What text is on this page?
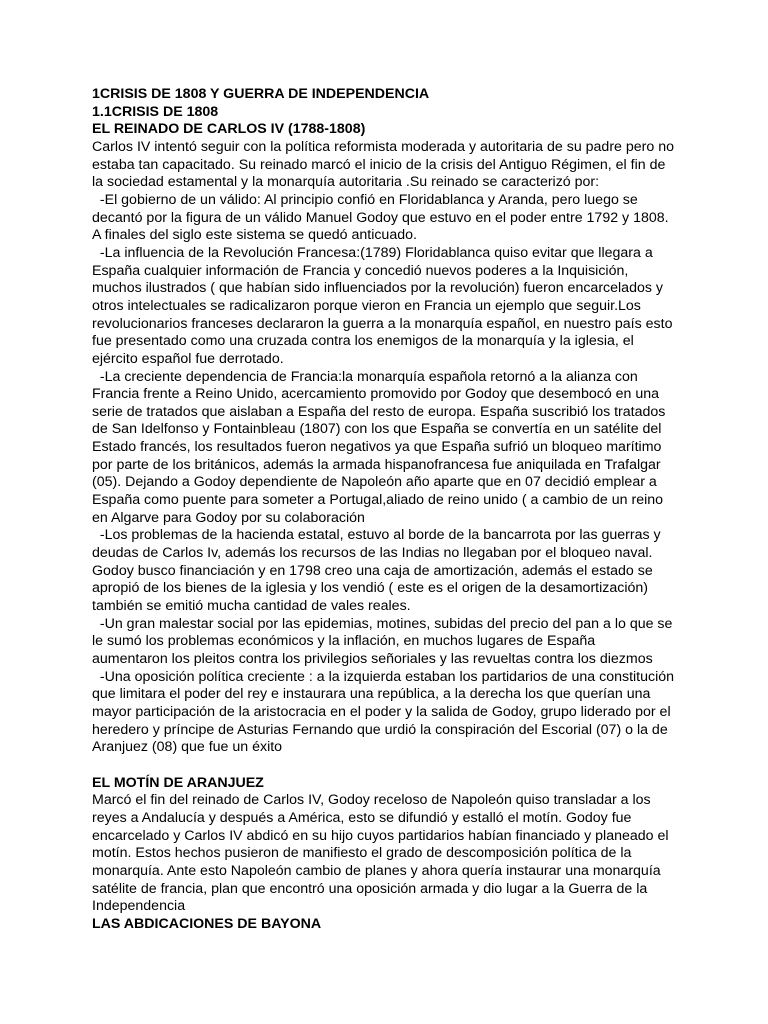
1CRISIS DE 1808 Y GUERRA DE INDEPENDENCIA
1.1CRISIS DE 1808
EL REINADO DE CARLOS IV (1788-1808)
Carlos IV intentó seguir con la política reformista moderada y autoritaria de su padre pero no
estaba tan capacitado. Su reinado marcó el inicio de la crisis del Antiguo Régimen, el fin de
la sociedad estamental y la monarquía autoritaria .Su reinado se caracterizó por:
-El gobierno de un válido: Al principio confió en Floridablanca y Aranda, pero luego se
decantó por la figura de un válido Manuel Godoy que estuvo en el poder entre 1792 y 1808.
A finales del siglo este sistema se quedó anticuado.
-La influencia de la Revolución Francesa:(1789) Floridablanca quiso evitar que llegara a
España cualquier información de Francia y concedió nuevos poderes a la Inquisición,
muchos ilustrados ( que habían sido influenciados por la revolución) fueron encarcelados y
otros intelectuales se radicalizaron porque vieron en Francia un ejemplo que seguir.Los
revolucionarios franceses declararon la guerra a la monarquía español, en nuestro país esto
fue presentado como una cruzada contra los enemigos de la monarquía y la iglesia, el
ejército español fue derrotado.
-La creciente dependencia de Francia:la monarquía española retornó a la alianza con
Francia frente a Reino Unido, acercamiento promovido por Godoy que desembocó en una
serie de tratados que aislaban a España del resto de europa. España suscribió los tratados
de San Idelfonso y Fontainbleau (1807) con los que España se convertía en un satélite del
Estado francés, los resultados fueron negativos ya que España sufrió un bloqueo marítimo
por parte de los británicos, además la armada hispanofrancesa fue aniquilada en Trafalgar
(05). Dejando a Godoy dependiente de Napoleón año aparte que en 07 decidió emplear a
España como puente para someter a Portugal,aliado de reino unido ( a cambio de un reino
en Algarve para Godoy por su colaboración
-Los problemas de la hacienda estatal, estuvo al borde de la bancarrota por las guerras y
deudas de Carlos Iv, además los recursos de las Indias no llegaban por el bloqueo naval.
Godoy busco financiación y en 1798 creo una caja de amortización, además el estado se
apropió de los bienes de la iglesia y los vendió ( este es el origen de la desamortización)
también se emitió mucha cantidad de vales reales.
-Un gran malestar social por las epidemias, motines, subidas del precio del pan a lo que se
le sumó los problemas económicos y la inflación, en muchos lugares de España
aumentaron los pleitos contra los privilegios señoriales y las revueltas contra los diezmos
-Una oposición política creciente : a la izquierda estaban los partidarios de una constitución
que limitara el poder del rey e instaurara una república, a la derecha los que querían una
mayor participación de la aristocracia en el poder y la salida de Godoy, grupo liderado por el
heredero y príncipe de Asturias Fernando que urdió la conspiración del Escorial (07) o la de
Aranjuez (08) que fue un éxito
EL MOTÍN DE ARANJUEZ
Marcó el fin del reinado de Carlos IV, Godoy receloso de Napoleón quiso transladar a los
reyes a Andalucía y después a América, esto se difundió y estalló el motín. Godoy fue
encarcelado y Carlos IV abdicó en su hijo cuyos partidarios habían financiado y planeado el
motín. Estos hechos pusieron de manifiesto el grado de descomposición política de la
monarquía. Ante esto Napoleón cambio de planes y ahora quería instaurar una monarquía
satélite de francia, plan que encontró una oposición armada y dio lugar a la Guerra de la
Independencia
LAS ABDICACIONES DE BAYONA
